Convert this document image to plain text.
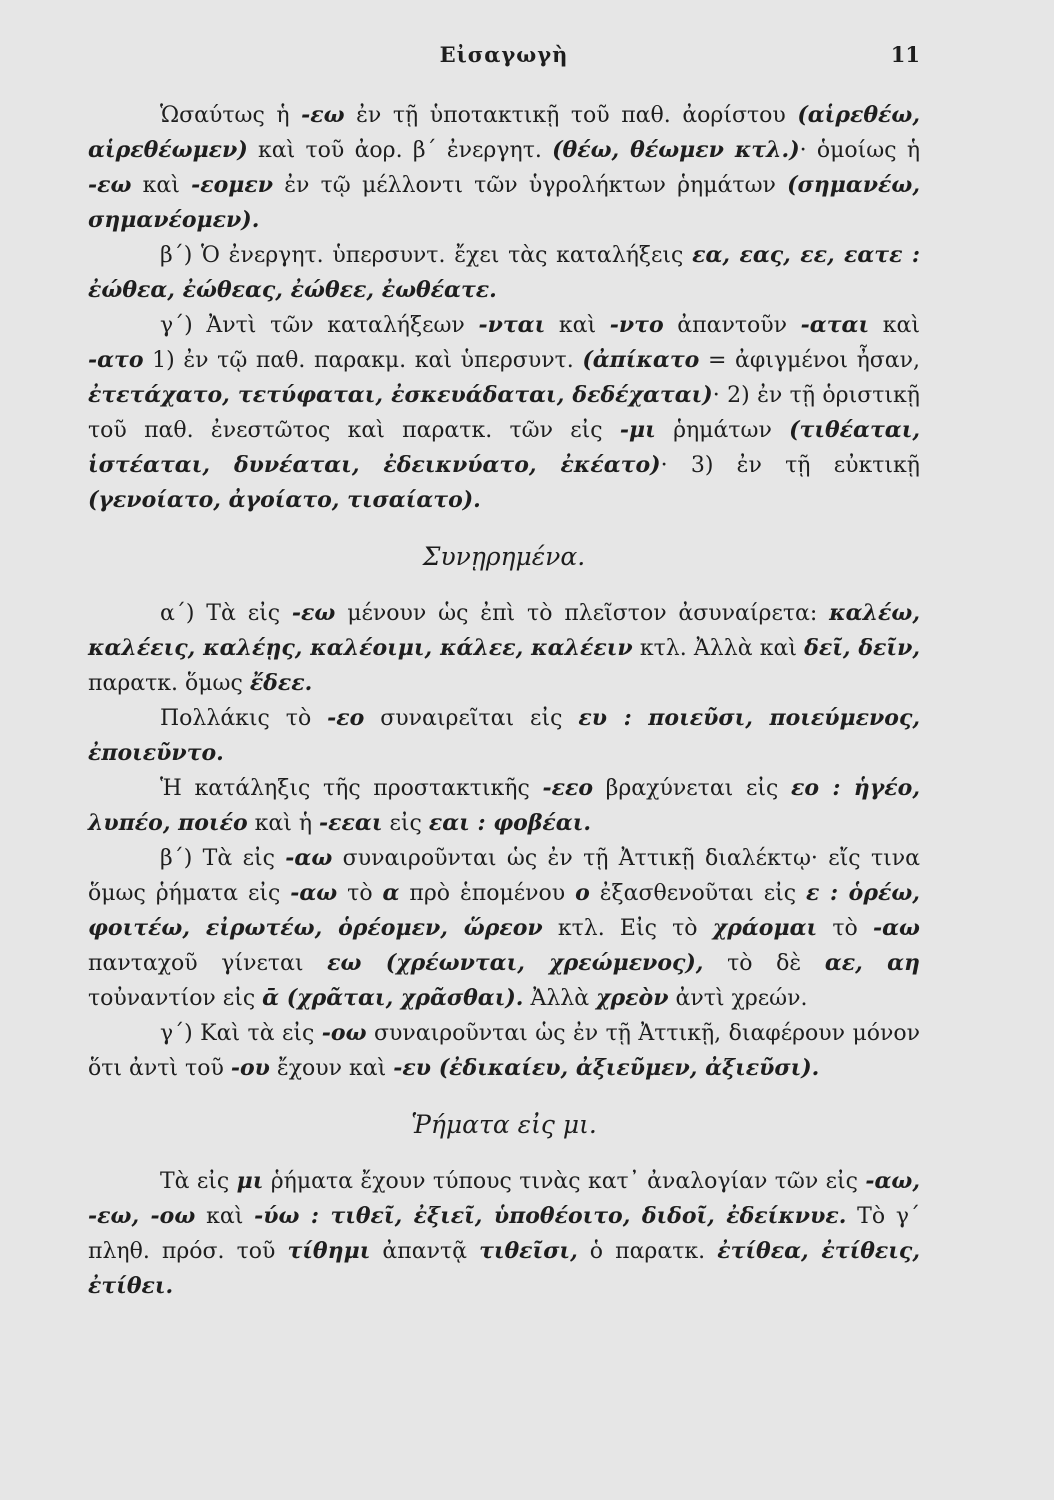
Εἰσαγωγὴ	11

Ὡσαύτως ἡ -εω ἐν τῇ ὑποτακτικῇ τοῦ παθ. ἀορίστου (αἱρεθέω, αἱρεθέωμεν) καὶ τοῦ ἀορ. β΄ ἐνεργητ. (θέω, θέωμεν κτλ.)· ὁμοίως ἡ -εω καὶ -εομεν ἐν τῷ μέλλοντι τῶν ὑγρολήκτων ῥημάτων (σημανέω, σημανέομεν).

β΄) Ὁ ἐνεργητ. ὑπερσυντ. ἔχει τὰς καταλήξεις εα, εας, εε, εατε : ἐώθεα, ἐώθεας, ἐώθεε, ἐωθέατε.

γ΄) Ἀντὶ τῶν καταλήξεων -νται καὶ -ντο ἀπαντοῦν -αται καὶ -ατο 1) ἐν τῷ παθ. παρακμ. καὶ ὑπερσυντ. (ἀπίκατο = ἀφιγμένοι ἦσαν, ἐτετάχατο, τετύφαται, ἐσκευάδαται, δεδέχαται)· 2) ἐν τῇ ὁριστικῇ τοῦ παθ. ἐνεστῶτος καὶ παρατκ. τῶν εἰς -μι ῥημάτων (τιθέαται, ἱστέαται, δυνέαται, ἐδεικνύατο, ἐκέατο)· 3) ἐν τῇ εὐκτικῇ (γενοίατο, ἀγοίατο, τισαίατο).

Συνῃρημένα.

α΄) Τὰ εἰς -εω μένουν ὡς ἐπὶ τὸ πλεῖστον ἀσυναίρετα: καλέω, καλέεις, καλέῃς, καλέοιμι, κάλεε, καλέειν κτλ. Ἀλλὰ καὶ δεῖ, δεῖν, παρατκ. ὅμως ἔδεε.

Πολλάκις τὸ -εο συναιρεῖται εἰς ευ : ποιεῦσι, ποιεύμενος, ἐποιεῦντο.

Ἡ κατάληξις τῆς προστακτικῆς -εεο βραχύνεται εἰς εο : ἡγέο, λυπέο, ποιέο καὶ ἡ -εεαι εἰς εαι : φοβέαι.

β΄) Τὰ εἰς -αω συναιροῦνται ὡς ἐν τῇ Ἀττικῇ διαλέκτῳ· εἴς τινα ὅμως ῥήματα εἰς -αω τὸ α πρὸ ἑπομένου ο ἐξασθενοῦται εἰς ε : ὁρέω, φοιτέω, εἰρωτέω, ὁρέομεν, ὥρεον κτλ. Εἰς τὸ χράομαι τὸ -αω πανταχοῦ γίνεται εω (χρέωνται, χρεώμενος), τὸ δὲ αε, αη τοὐναντίον εἰς ᾱ (χρᾶται, χρᾶσθαι). Ἀλλὰ χρεὸν ἀντὶ χρεών.

γ΄) Καὶ τὰ εἰς -οω συναιροῦνται ὡς ἐν τῇ Ἀττικῇ, διαφέρουν μόνον ὅτι ἀντὶ τοῦ -ου ἔχουν καὶ -ευ (ἐδικαίευ, ἀξιεῦμεν, ἀξιεῦσι).

Ῥήματα εἰς μι.

Τὰ εἰς μι ῥήματα ἔχουν τύπους τινὰς κατ᾽ ἀναλογίαν τῶν εἰς -αω, -εω, -οω καὶ -ύω : τιθεῖ, ἐξιεῖ, ὑποθέοιτο, διδοῖ, ἐδείκνυε. Τὸ γ΄ πληθ. πρόσ. τοῦ τίθημι ἀπαντᾷ τιθεῖσι, ὁ παρατκ. ἐτίθεα, ἐτίθεις, ἐτίθει.
